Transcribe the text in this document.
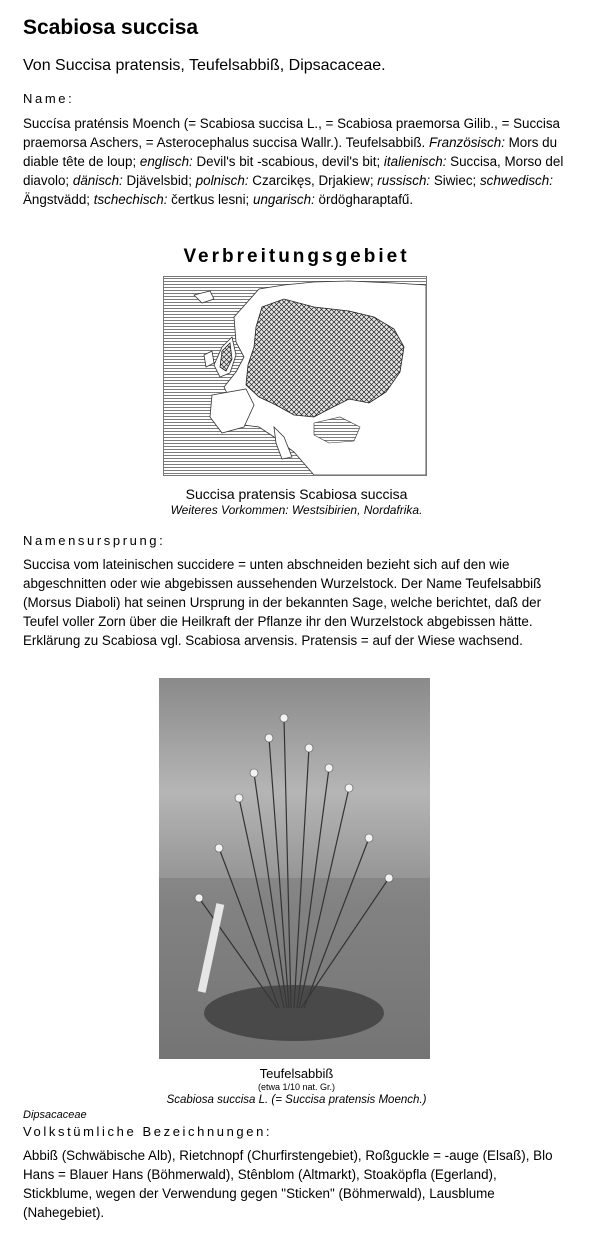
Scabiosa succisa

Von Succisa pratensis, Teufelsabbiß, Dipsacaceae.

Name:

Succísa praténsis Moench (= Scabiosa succisa L., = Scabiosa praemorsa Gilib., = Succisa praemorsa Aschers, = Asterocephalus succisa Wallr.). Teufelsabbiß. Französisch: Mors du diable tête de loup; englisch: Devil's bit -scabious, devil's bit; italienisch: Succisa, Morso del diavolo; dänisch: Djävelsbid; polnisch: Czarcikęs, Drjakiew; russisch: Siwiec; schwedisch: Ängstvädd; tschechisch: čertkus lesni; ungarisch: ördögharaptafű.

Verbreitungsgebiet

Succisa pratensis Scabiosa succisa

Weiteres Vorkommen: Westsibirien, Nordafrika.

Namensursprung:

Succisa vom lateinischen succidere = unten abschneiden bezieht sich auf den wie abgeschnitten oder wie abgebissen aussehenden Wurzelstock. Der Name Teufelsabbiß (Morsus Diaboli) hat seinen Ursprung in der bekannten Sage, welche berichtet, daß der Teufel voller Zorn über die Heilkraft der Pflanze ihr den Wurzelstock abgebissen hätte. Erklärung zu Scabiosa vgl. Scabiosa arvensis. Pratensis = auf der Wiese wachsend.

Teufelsabbiß

(etwa 1/10 nat. Gr.)

Scabiosa succisa L. (= Succisa pratensis Moench.)

Dipsacaceae

Volkstümliche Bezeichnungen:

Abbiß (Schwäbische Alb), Rietchnopf (Churfirstengebiet), Roßguckle = -auge (Elsaß), Blo Hans = Blauer Hans (Böhmerwald), Stênblom (Altmarkt), Stoaköpfla (Egerland), Stickblume, wegen der Verwendung gegen "Sticken" (Böhmerwald), Lausblume (Nahegebiet).
